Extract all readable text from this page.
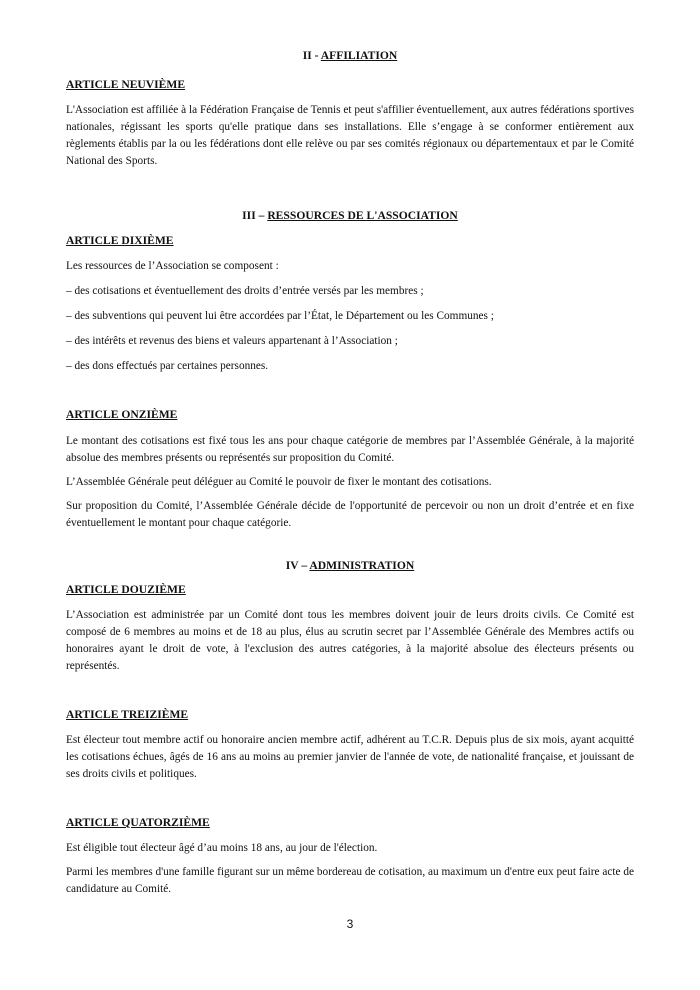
II - AFFILIATION
ARTICLE NEUVIÈME

L'Association est affiliée à la Fédération Française de Tennis et peut s'affilier éventuellement, aux autres fédérations sportives nationales, régissant les sports qu'elle pratique dans ses installations. Elle s’engage à se conformer entièrement aux règlements établis par la ou les fédérations dont elle relève ou par ses comités régionaux ou départementaux et par le Comité National des Sports.

III – RESSOURCES DE L'ASSOCIATION
ARTICLE DIXIÈME

Les ressources de l’Association se composent :

– des cotisations et éventuellement des droits d’entrée versés par les membres ;

– des subventions qui peuvent lui être accordées par l’État, le Département ou les Communes ;

– des intérêts et revenus des biens et valeurs appartenant à l’Association ;

– des dons effectués par certaines personnes.

ARTICLE ONZIÈME

Le montant des cotisations est fixé tous les ans pour chaque catégorie de membres par l’Assemblée Générale, à la majorité absolue des membres présents ou représentés sur proposition du Comité.

L’Assemblée Générale peut déléguer au Comité le pouvoir de fixer le montant des cotisations.

Sur proposition du Comité, l’Assemblée Générale décide de l'opportunité de percevoir ou non un droit d’entrée et en fixe éventuellement le montant pour chaque catégorie.

IV – ADMINISTRATION
ARTICLE DOUZIÈME

L’Association est administrée par un Comité dont tous les membres doivent jouir de leurs droits civils. Ce Comité est composé de 6 membres au moins et de 18 au plus, élus au scrutin secret par l’Assemblée Générale des Membres actifs ou honoraires ayant le droit de vote, à l'exclusion des autres catégories, à la majorité absolue des électeurs présents ou représentés.

ARTICLE TREIZIÈME

Est électeur tout membre actif ou honoraire ancien membre actif, adhérent au T.C.R. Depuis plus de six mois, ayant acquitté les cotisations échues, âgés de 16 ans au moins au premier janvier de l'année de vote, de nationalité française, et jouissant de ses droits civils et politiques.

ARTICLE QUATORZIÈME

Est éligible tout électeur âgé d’au moins 18 ans, au jour de l'élection.

Parmi les membres d'une famille figurant sur un même bordereau de cotisation, au maximum un d'entre eux peut faire acte de candidature au Comité.

3
